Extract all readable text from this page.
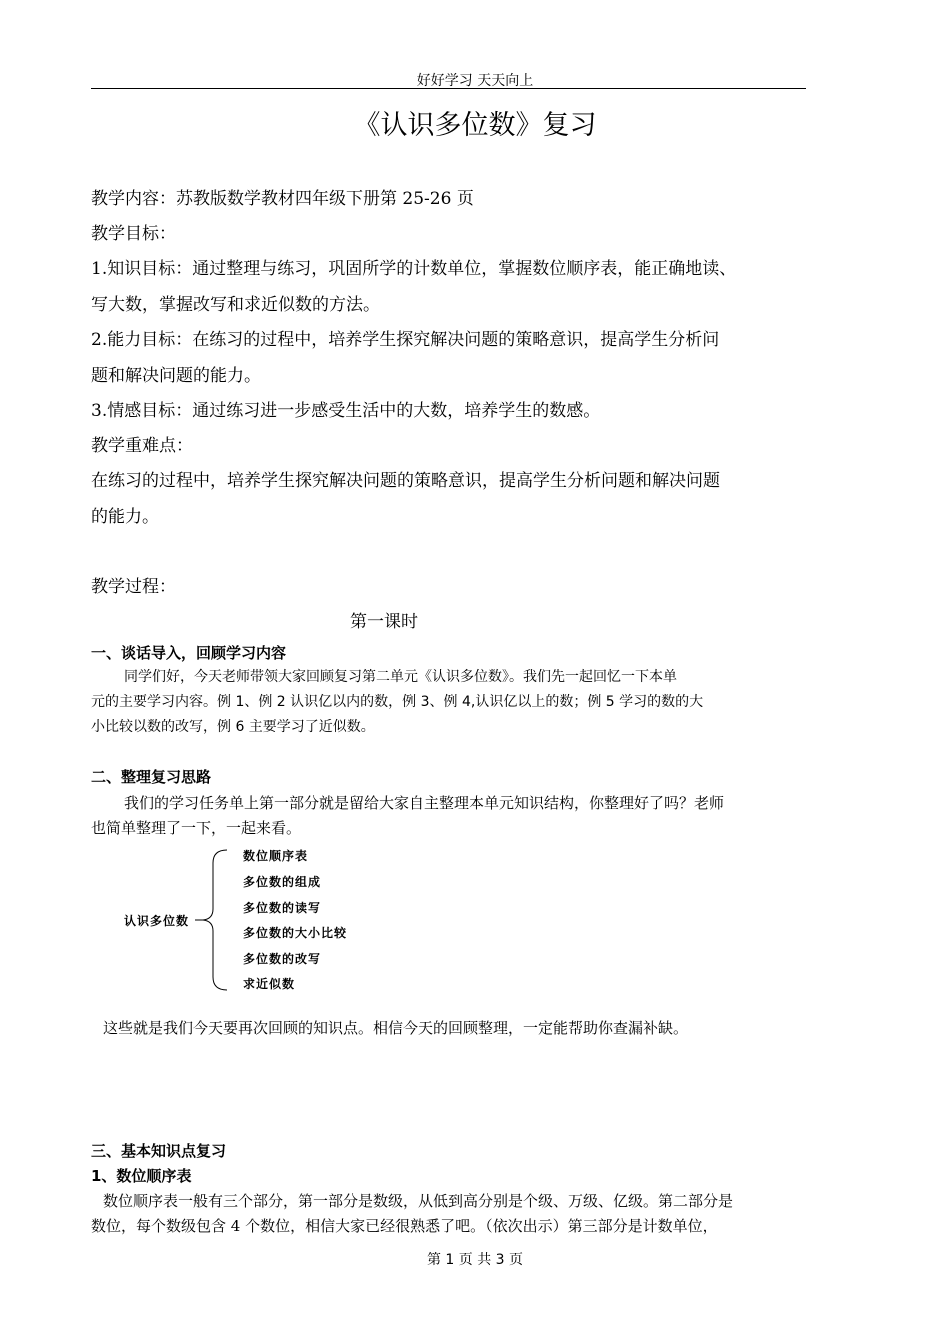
好好学习 天天向上
《认识多位数》复习
教学内容：苏教版数学教材四年级下册第 25-26 页
教学目标：
1.知识目标：通过整理与练习，巩固所学的计数单位，掌握数位顺序表，能正确地读、
写大数，掌握改写和求近似数的方法。
2.能力目标：在练习的过程中，培养学生探究解决问题的策略意识，提高学生分析问
题和解决问题的能力。
3.情感目标：通过练习进一步感受生活中的大数，培养学生的数感。
教学重难点：
在练习的过程中，培养学生探究解决问题的策略意识，提高学生分析问题和解决问题
的能力。
教学过程：
第一课时
一、谈话导入，回顾学习内容
同学们好，今天老师带领大家回顾复习第二单元《认识多位数》。我们先一起回忆一下本单
元的主要学习内容。例 1、例 2 认识亿以内的数，例 3、例 4,认识亿以上的数；例 5 学习的数的大
小比较以数的改写，例 6 主要学习了近似数。
二、整理复习思路
我们的学习任务单上第一部分就是留给大家自主整理本单元知识结构，你整理好了吗？老师
也简单整理了一下，一起来看。
认识多位数
数位顺序表
多位数的组成
多位数的读写
多位数的大小比较
多位数的改写
求近似数
这些就是我们今天要再次回顾的知识点。相信今天的回顾整理，一定能帮助你查漏补缺。
三、基本知识点复习
1、数位顺序表
数位顺序表一般有三个部分，第一部分是数级，从低到高分别是个级、万级、亿级。第二部分是
数位，每个数级包含 4 个数位，相信大家已经很熟悉了吧。（依次出示）第三部分是计数单位，
第 1 页 共 3 页
